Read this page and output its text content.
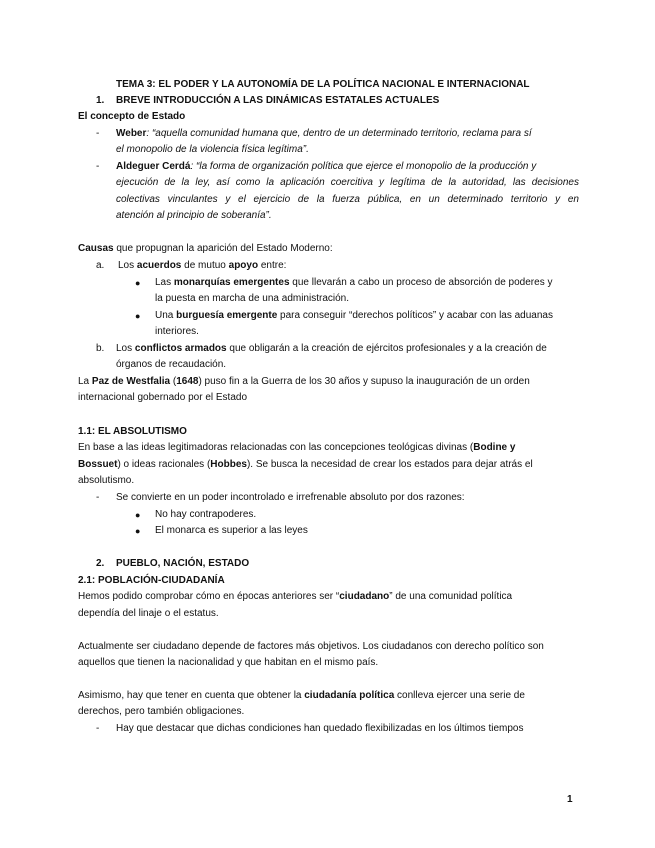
TEMA 3: EL PODER Y LA AUTONOMÍA DE LA POLÍTICA NACIONAL E INTERNACIONAL
1. BREVE INTRODUCCIÓN A LAS DINÁMICAS ESTATALES ACTUALES
El concepto de Estado
-	Weber: “aquella comunidad humana que, dentro de un determinado territorio, reclama para sí
el monopolio de la violencia física legítima”.
-	Aldeguer Cerdá: “la forma de organización política que ejerce el monopolio de la producción y
ejecución de la ley, así como la aplicación coercitiva y legítima de la autoridad, las decisiones
colectivas vinculantes y el ejercicio de la fuerza pública, en un determinado territorio y en
atención al principio de soberanía”.
Causas que propugnan la aparición del Estado Moderno:
a. Los acuerdos de mutuo apoyo entre:
● Las monarquías emergentes que llevarán a cabo un proceso de absorción de poderes y
la puesta en marcha de una administración.
● Una burguesía emergente para conseguir “derechos políticos” y acabar con las aduanas
interiores.
b. Los conflictos armados que obligarán a la creación de ejércitos profesionales y a la creación de
órganos de recaudación.
La Paz de Westfalia (1648) puso fin a la Guerra de los 30 años y supuso la inauguración de un orden
internacional gobernado por el Estado
1.1: EL ABSOLUTISMO
En base a las ideas legitimadoras relacionadas con las concepciones teológicas divinas (Bodine y
Bossuet) o ideas racionales (Hobbes). Se busca la necesidad de crear los estados para dejar atrás el
absolutismo.
-	Se convierte en un poder incontrolado e irrefrenable absoluto por dos razones:
● No hay contrapoderes.
● El monarca es superior a las leyes
2. PUEBLO, NACIÓN, ESTADO
2.1: POBLACIÓN-CIUDADANÍA
Hemos podido comprobar cómo en épocas anteriores ser “ciudadano” de una comunidad política
dependía del linaje o el estatus.
Actualmente ser ciudadano depende de factores más objetivos. Los ciudadanos con derecho político son
aquellos que tienen la nacionalidad y que habitan en el mismo país.
Asimismo, hay que tener en cuenta que obtener la ciudadanía política conlleva ejercer una serie de
derechos, pero también obligaciones.
-	Hay que destacar que dichas condiciones han quedado flexibilizadas en los últimos tiempos
1
